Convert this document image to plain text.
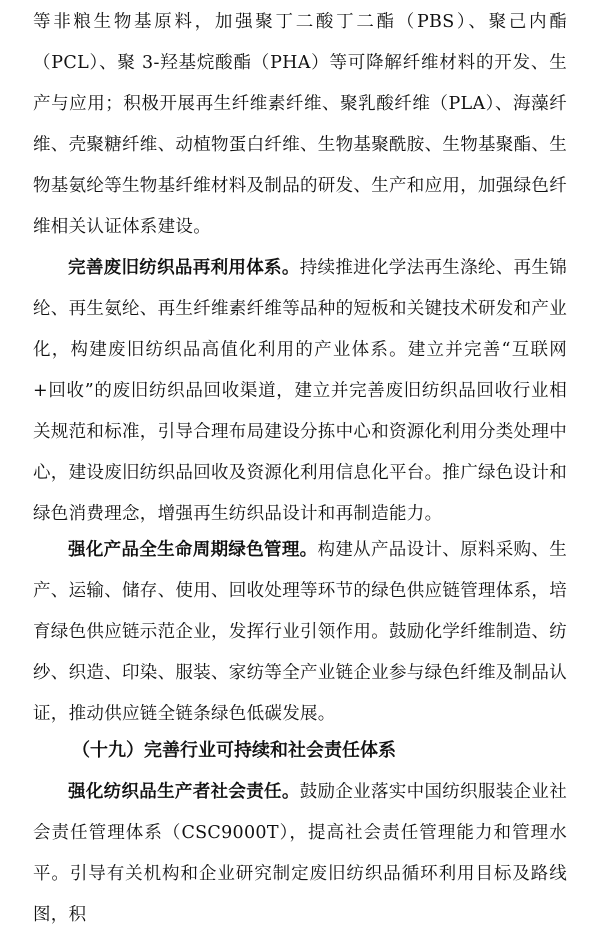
等非粮生物基原料，加强聚丁二酸丁二酯（PBS）、聚己内酯（PCL）、聚 3-羟基烷酸酯（PHA）等可降解纤维材料的开发、生产与应用；积极开展再生纤维素纤维、聚乳酸纤维（PLA）、海藻纤维、壳聚糖纤维、动植物蛋白纤维、生物基聚酰胺、生物基聚酯、生物基氨纶等生物基纤维材料及制品的研发、生产和应用，加强绿色纤维相关认证体系建设。

完善废旧纺织品再利用体系。持续推进化学法再生涤纶、再生锦纶、再生氨纶、再生纤维素纤维等品种的短板和关键技术研发和产业化，构建废旧纺织品高值化利用的产业体系。建立并完善“互联网+回收”的废旧纺织品回收渠道，建立并完善废旧纺织品回收行业相关规范和标准，引导合理布局建设分拣中心和资源化利用分类处理中心，建设废旧纺织品回收及资源化利用信息化平台。推广绿色设计和绿色消费理念，增强再生纺织品设计和再制造能力。

强化产品全生命周期绿色管理。构建从产品设计、原料采购、生产、运输、储存、使用、回收处理等环节的绿色供应链管理体系，培育绿色供应链示范企业，发挥行业引领作用。鼓励化学纤维制造、纺纱、织造、印染、服装、家纺等全产业链企业参与绿色纤维及制品认证，推动供应链全链条绿色低碳发展。

（十九）完善行业可持续和社会责任体系

强化纺织品生产者社会责任。鼓励企业落实中国纺织服装企业社会责任管理体系（CSC9000T），提高社会责任管理能力和管理水平。引导有关机构和企业研究制定废旧纺织品循环利用目标及路线图，积
